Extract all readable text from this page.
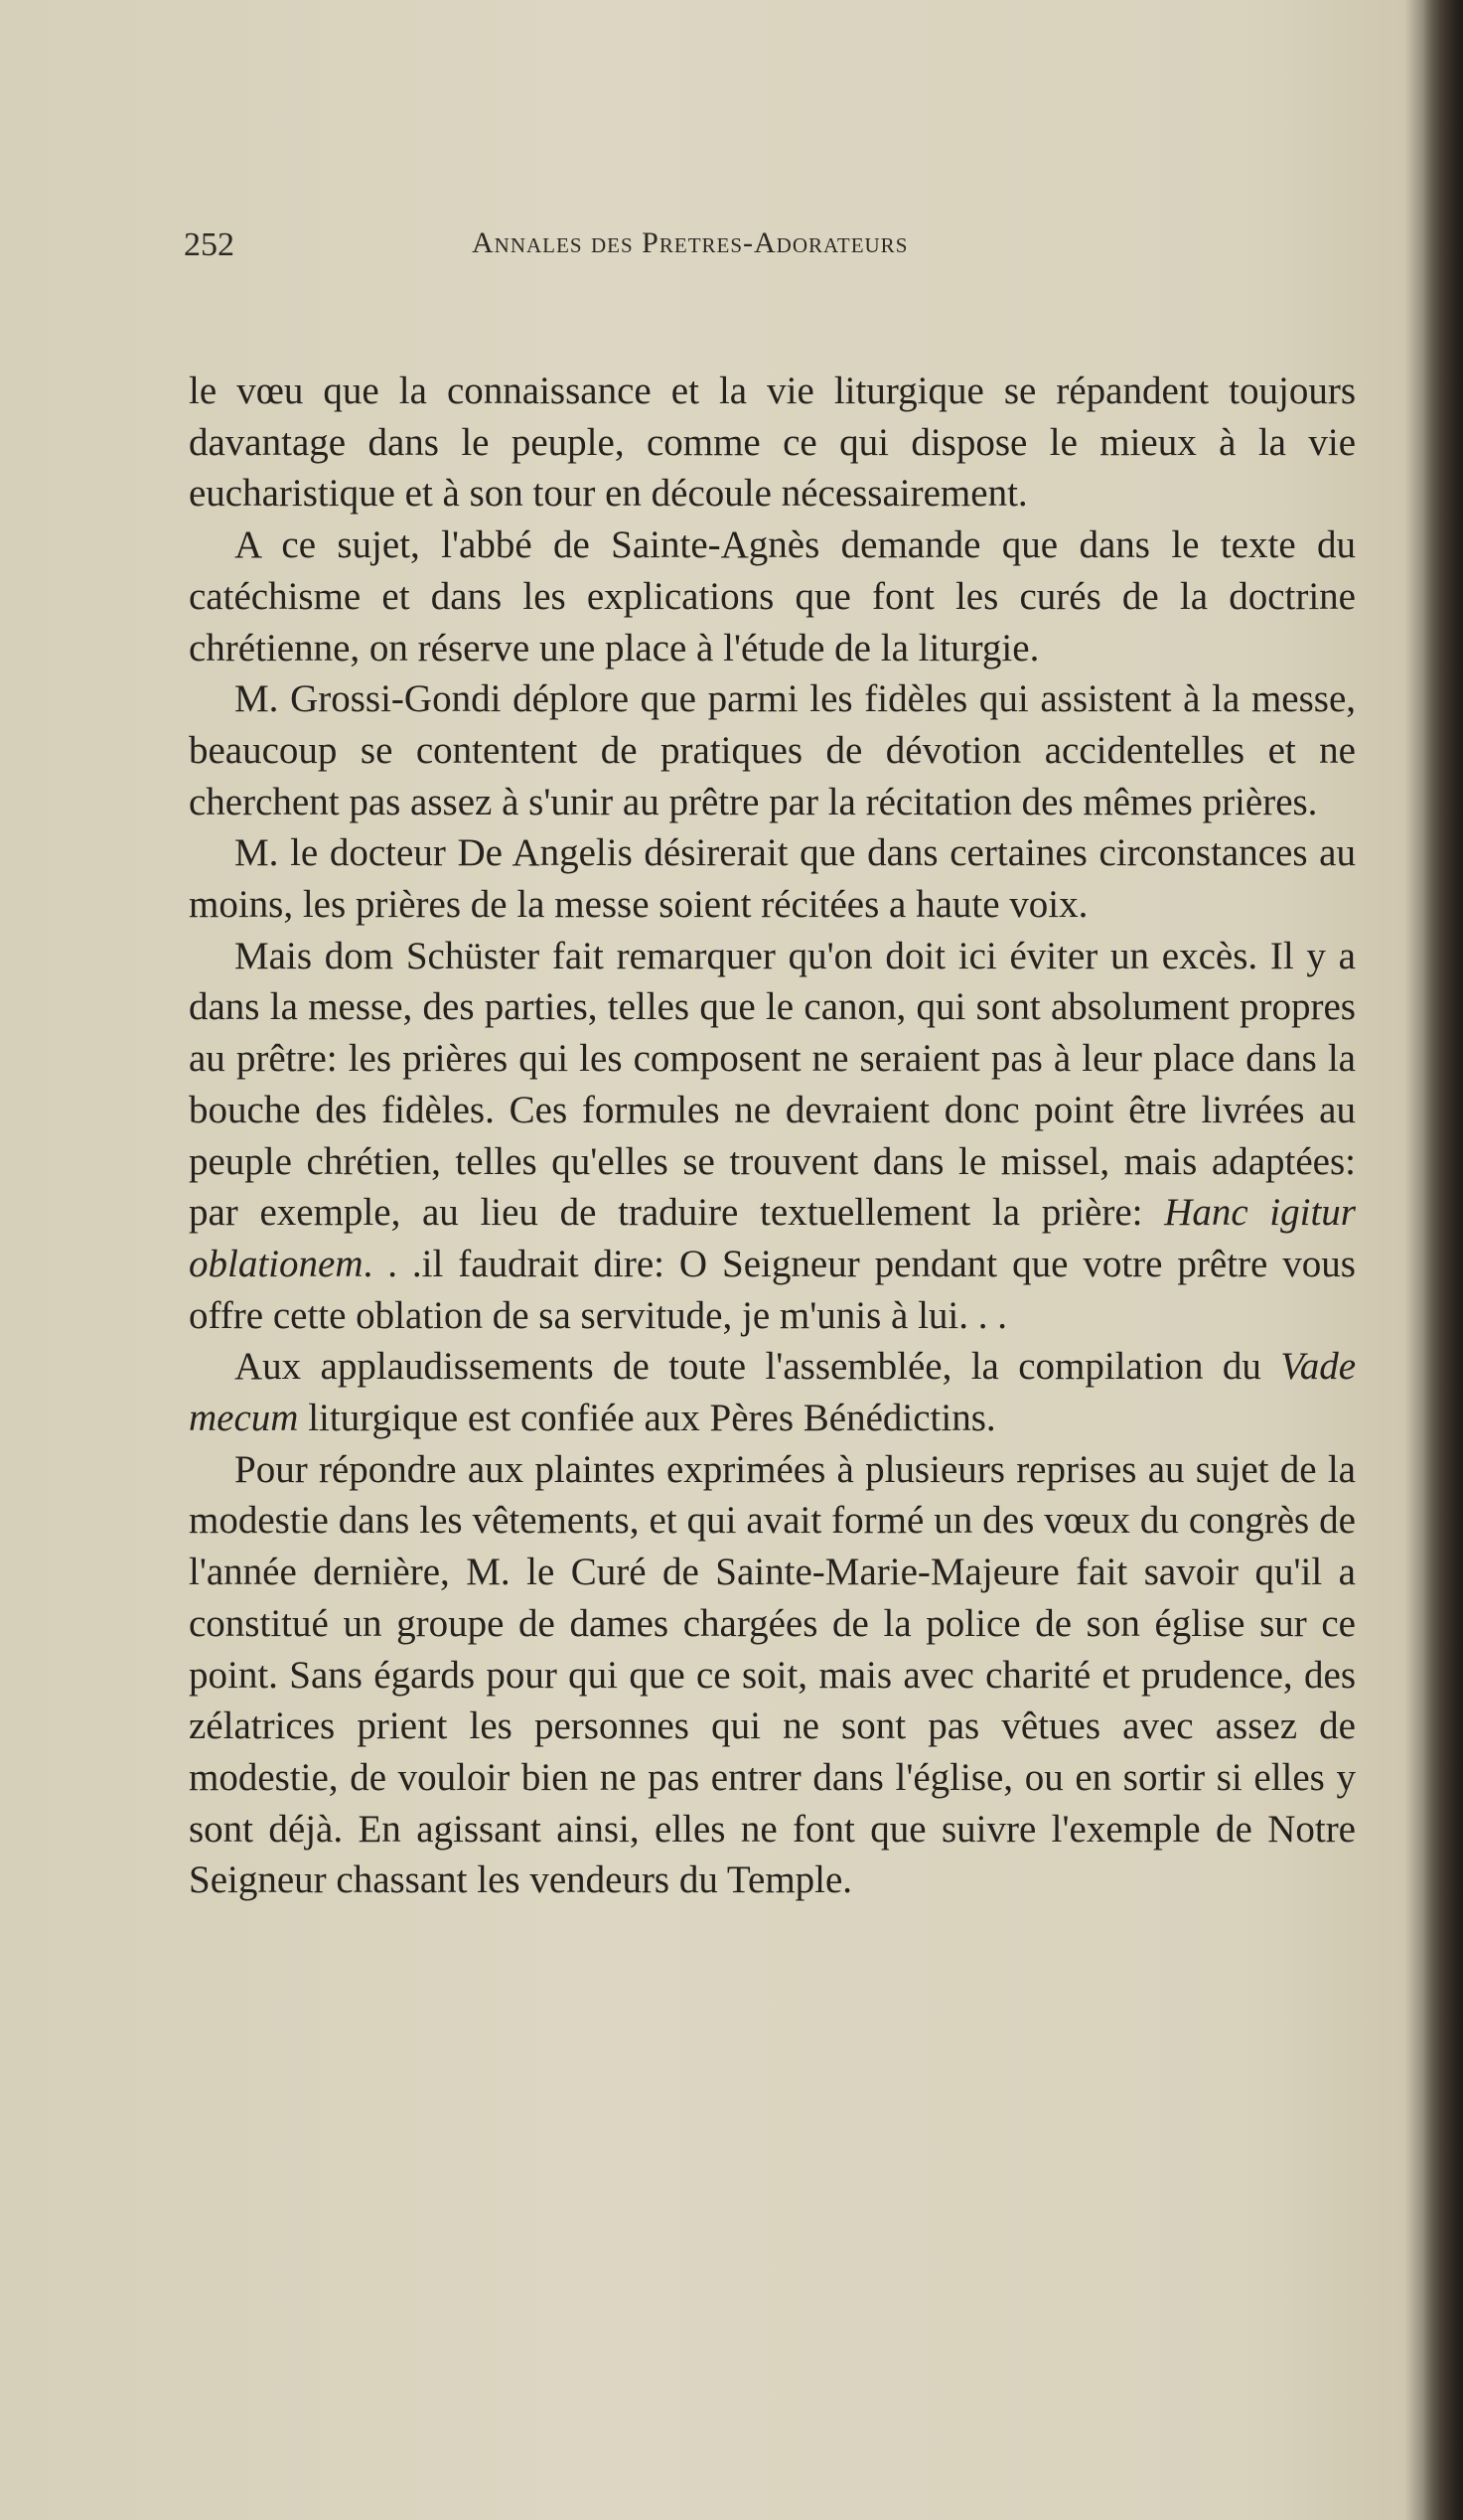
252	Annales des Pretres-Adorateurs

le vœu que la connaissance et la vie liturgique se répandent toujours davantage dans le peuple, comme ce qui dispose le mieux à la vie eucharistique et à son tour en découle nécessairement.

A ce sujet, l'abbé de Sainte-Agnès demande que dans le texte du catéchisme et dans les explications que font les curés de la doctrine chrétienne, on réserve une place à l'étude de la liturgie.

M. Grossi-Gondi déplore que parmi les fidèles qui assistent à la messe, beaucoup se contentent de pratiques de dévotion accidentelles et ne cherchent pas assez à s'unir au prêtre par la récitation des mêmes prières.

M. le docteur De Angelis désirerait que dans certaines circonstances au moins, les prières de la messe soient récitées a haute voix.

Mais dom Schüster fait remarquer qu'on doit ici éviter un excès. Il y a dans la messe, des parties, telles que le canon, qui sont absolument propres au prêtre: les prières qui les composent ne seraient pas à leur place dans la bouche des fidèles. Ces formules ne devraient donc point être livrées au peuple chrétien, telles qu'elles se trouvent dans le missel, mais adaptées: par exemple, au lieu de traduire textuellement la prière: Hanc igitur oblationem. . .il faudrait dire: O Seigneur pendant que votre prêtre vous offre cette oblation de sa servitude, je m'unis à lui. . .

Aux applaudissements de toute l'assemblée, la compilation du Vade mecum liturgique est confiée aux Pères Bénédictins.

Pour répondre aux plaintes exprimées à plusieurs reprises au sujet de la modestie dans les vêtements, et qui avait formé un des vœux du congrès de l'année dernière, M. le Curé de Sainte-Marie-Majeure fait savoir qu'il a constitué un groupe de dames chargées de la police de son église sur ce point. Sans égards pour qui que ce soit, mais avec charité et prudence, des zélatrices prient les personnes qui ne sont pas vêtues avec assez de modestie, de vouloir bien ne pas entrer dans l'église, ou en sortir si elles y sont déjà. En agissant ainsi, elles ne font que suivre l'exemple de Notre Seigneur chassant les vendeurs du Temple.
